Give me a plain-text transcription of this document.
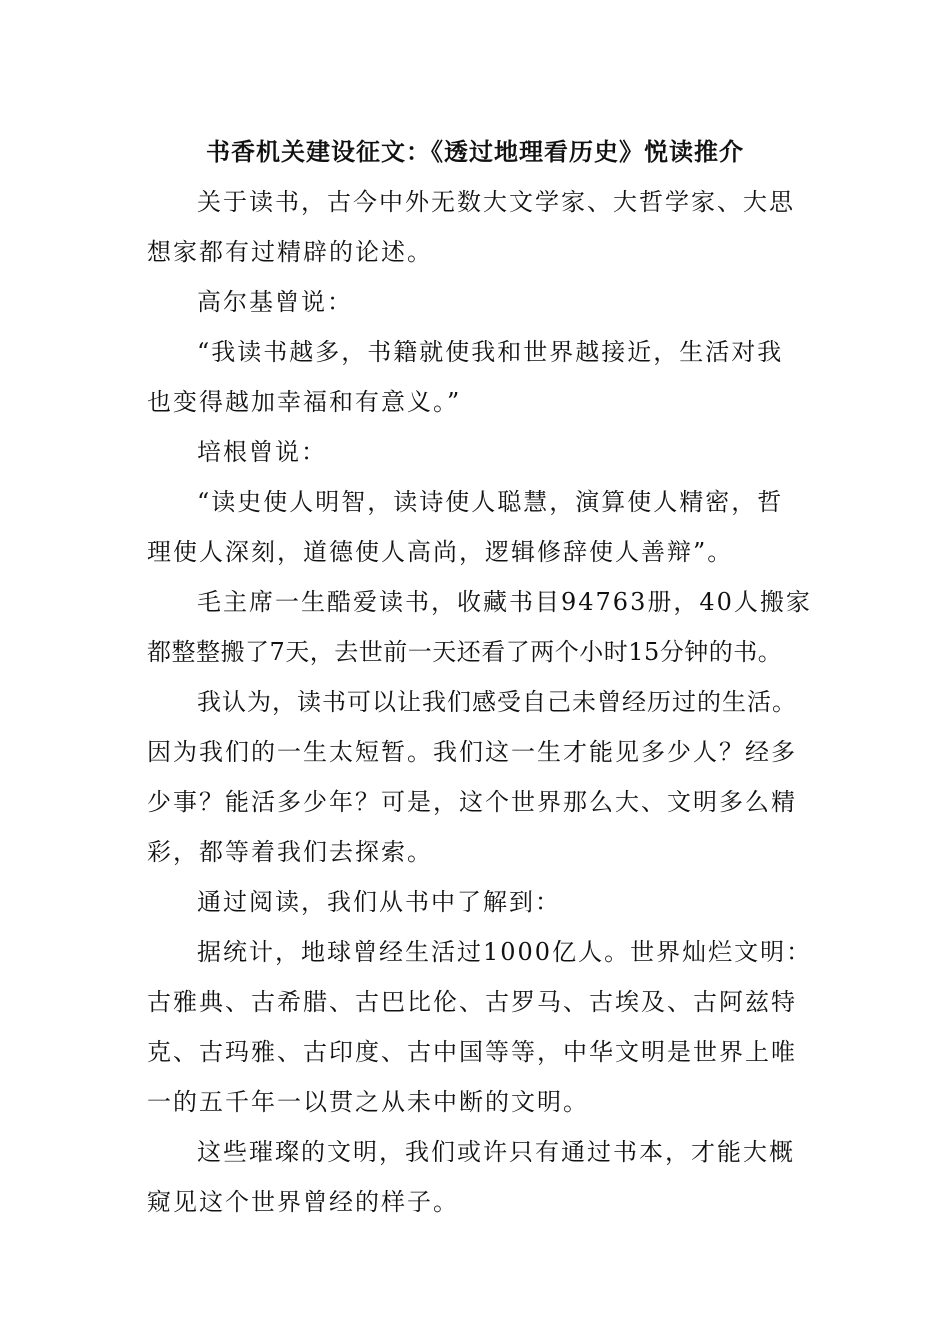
书香机关建设征文：《透过地理看历史》悦读推介
关于读书，古今中外无数大文学家、大哲学家、大思
想家都有过精辟的论述。
高尔基曾说：
“我读书越多，书籍就使我和世界越接近，生活对我
也变得越加幸福和有意义。”
培根曾说：
“读史使人明智，读诗使人聪慧，演算使人精密，哲
理使人深刻，道德使人高尚，逻辑修辞使人善辩”。
毛主席一生酷爱读书，收藏书目94763册，40人搬家
都整整搬了7天，去世前一天还看了两个小时15分钟的书。
我认为，读书可以让我们感受自己未曾经历过的生活。
因为我们的一生太短暂。我们这一生才能见多少人？经多
少事？能活多少年？可是，这个世界那么大、文明多么精
彩，都等着我们去探索。
通过阅读，我们从书中了解到：
据统计，地球曾经生活过1000亿人。世界灿烂文明：
古雅典、古希腊、古巴比伦、古罗马、古埃及、古阿兹特
克、古玛雅、古印度、古中国等等，中华文明是世界上唯
一的五千年一以贯之从未中断的文明。
这些璀璨的文明，我们或许只有通过书本，才能大概
窥见这个世界曾经的样子。
